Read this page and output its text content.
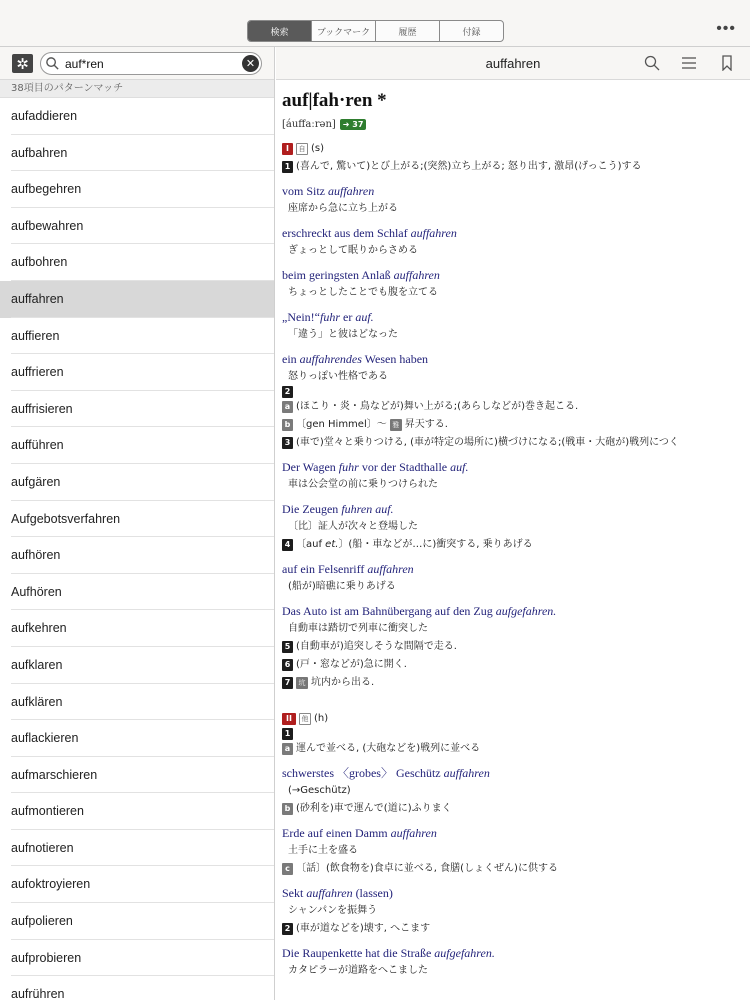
検索	ブックマーク	履歴	付録	•••
✲
auf*ren	✕
38項目のパターンマッチ
aufaddieren
aufbahren
aufbegehren
aufbewahren
aufbohren
auffahren
auffieren
auffrieren
auffrisieren
aufführen
aufgären
Aufgebotsverfahren
aufhören
Aufhören
aufkehren
aufklaren
aufklären
auflackieren
aufmarschieren
aufmontieren
aufnotieren
aufoktroyieren
aufpolieren
aufprobieren
aufrühren
auffahren
auf|fah·ren *
[áuffaːrən] ➜ 37
I	自 (s)
1 (喜んで, 驚いて)とび上がる;(突然)立ち上がる; 怒り出す, 激昂(げっこう)する
vom Sitz auffahren
座席から急に立ち上がる
erschreckt aus dem Schlaf auffahren
ぎょっとして眠りからさめる
beim geringsten Anlaß auffahren
ちょっとしたことでも腹を立てる
„Nein!“fuhr er auf.
「違う」と彼はどなった
ein auffahrendes Wesen haben
怒りっぽい性格である
2
a (ほこり・炎・鳥などが)舞い上がる;(あらしなどが)巻き起こる.
b 〔gen Himmel〕～ 雅 昇天する.
3 (車で)堂々と乗りつける, (車が特定の場所に)横づけになる;(戦車・大砲が)戦列につく
Der Wagen fuhr vor der Stadthalle auf.
車は公会堂の前に乗りつけられた
Die Zeugen fuhren auf.
〔比〕証人が次々と登場した
4 〔auf et.〕(船・車などが…に)衝突する, 乗りあげる
auf ein Felsenriff auffahren
(船が)暗礁に乗りあげる
Das Auto ist am Bahnübergang auf den Zug aufgefahren.
自動車は踏切で列車に衝突した
5 (自動車が)追突しそうな間隔で走る.
6 (戸・窓などが)急に開く.
7	坑 坑内から出る.
II	他 (h)
1
a 運んで並べる, (大砲などを)戦列に並べる
schwerstes 〈grobes〉 Geschütz auffahren
(→Geschütz)
b (砂利を)車で運んで(道に)ふりまく
Erde auf einen Damm auffahren
土手に土を盛る
c 〔話〕(飲食物を)食卓に並べる, 食膳(しょくぜん)に供する
Sekt auffahren (lassen)
シャンパンを振舞う
2 (車が道などを)壊す, へこます
Die Raupenkette hat die Straße aufgefahren.
カタピラーが道路をへこました
